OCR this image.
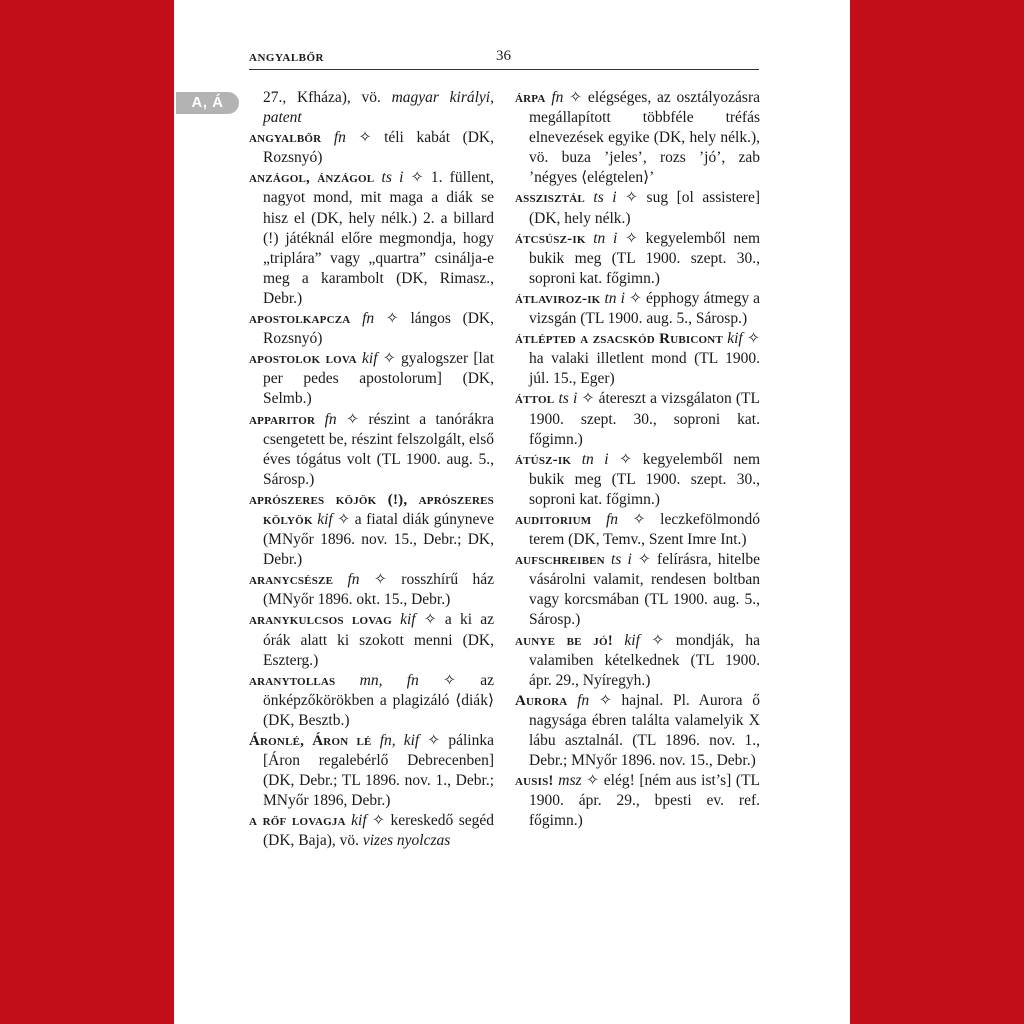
A, Á
ANGYALBŐR	36

27., Kfháza), vö. magyar királyi, patent

angyalbőr fn ✧ téli kabát (DK, Rozsnyó)

anzágol, ánzágol ts i ✧ 1. füllent, nagyot mond, mit maga a diák se hisz el (DK, hely nélk.) 2. a billard (!) játéknál előre megmondja, hogy „triplára” vagy „quartra” csinálja-e meg a karambolt (DK, Rimasz., Debr.)

apostolkapcza fn ✧ lángos (DK, Rozsnyó)

apostolok lova kif ✧ gyalogszer [lat per pedes apostolorum] (DK, Selmb.)

apparitor fn ✧ részint a tanórákra csengetett be, részint felszolgált, első éves tógátus volt (TL 1900. aug. 5., Sárosp.)

aprószeres köjök (!), aprószeres kölyök kif ✧ a fiatal diák gúnyneve (MNyőr 1896. nov. 15., Debr.; DK, Debr.)

aranycsésze fn ✧ rosszhírű ház (MNyőr 1896. okt. 15., Debr.)

aranykulcsos lovag kif ✧ a ki az órák alatt ki szokott menni (DK, Eszterg.)

aranytollas mn, fn ✧ az önképzőkörökben a plagizáló ⟨diák⟩ (DK, Besztb.)

Áronlé, Áron lé fn, kif ✧ pálinka [Áron regalebérlő Debrecenben] (DK, Debr.; TL 1896. nov. 1., Debr.; MNyőr 1896, Debr.)

a rőf lovagja kif ✧ kereskedő segéd (DK, Baja), vö. vizes nyolczas

árpa fn ✧ elégséges, az osztályozásra megállapított többféle tréfás elnevezések egyike (DK, hely nélk.), vö. buza ’jeles’, rozs ’jó’, zab ’négyes ⟨elégtelen⟩’

asszisztál ts i ✧ sug [ol assistere] (DK, hely nélk.)

átcsúsz-ik tn i ✧ kegyelemből nem bukik meg (TL 1900. szept. 30., soproni kat. főgimn.)

átlaviroz-ik tn i ✧ épphogy átmegy a vizsgán (TL 1900. aug. 5., Sárosp.)

átlépted a zsacskód Rubicont kif ✧ ha valaki illetlent mond (TL 1900. júl. 15., Eger)

áttol ts i ✧ átereszt a vizsgálaton (TL 1900. szept. 30., soproni kat. főgimn.)

átúsz-ik tn i ✧ kegyelemből nem bukik meg (TL 1900. szept. 30., soproni kat. főgimn.)

auditorium fn ✧ leczkefölmondó terem (DK, Temv., Szent Imre Int.)

aufschreiben ts i ✧ felírásra, hitelbe vásárolni valamit, rendesen boltban vagy korcsmában (TL 1900. aug. 5., Sárosp.)

aunye be jó! kif ✧ mondják, ha valamiben kételkednek (TL 1900. ápr. 29., Nyíregyh.)

Aurora fn ✧ hajnal. Pl. Aurora ő nagysága ébren találta valamelyik X lábu asztalnál. (TL 1896. nov. 1., Debr.; MNyőr 1896. nov. 15., Debr.)

ausis! msz ✧ elég! [ném aus ist’s] (TL 1900. ápr. 29., bpesti ev. ref. főgimn.)
